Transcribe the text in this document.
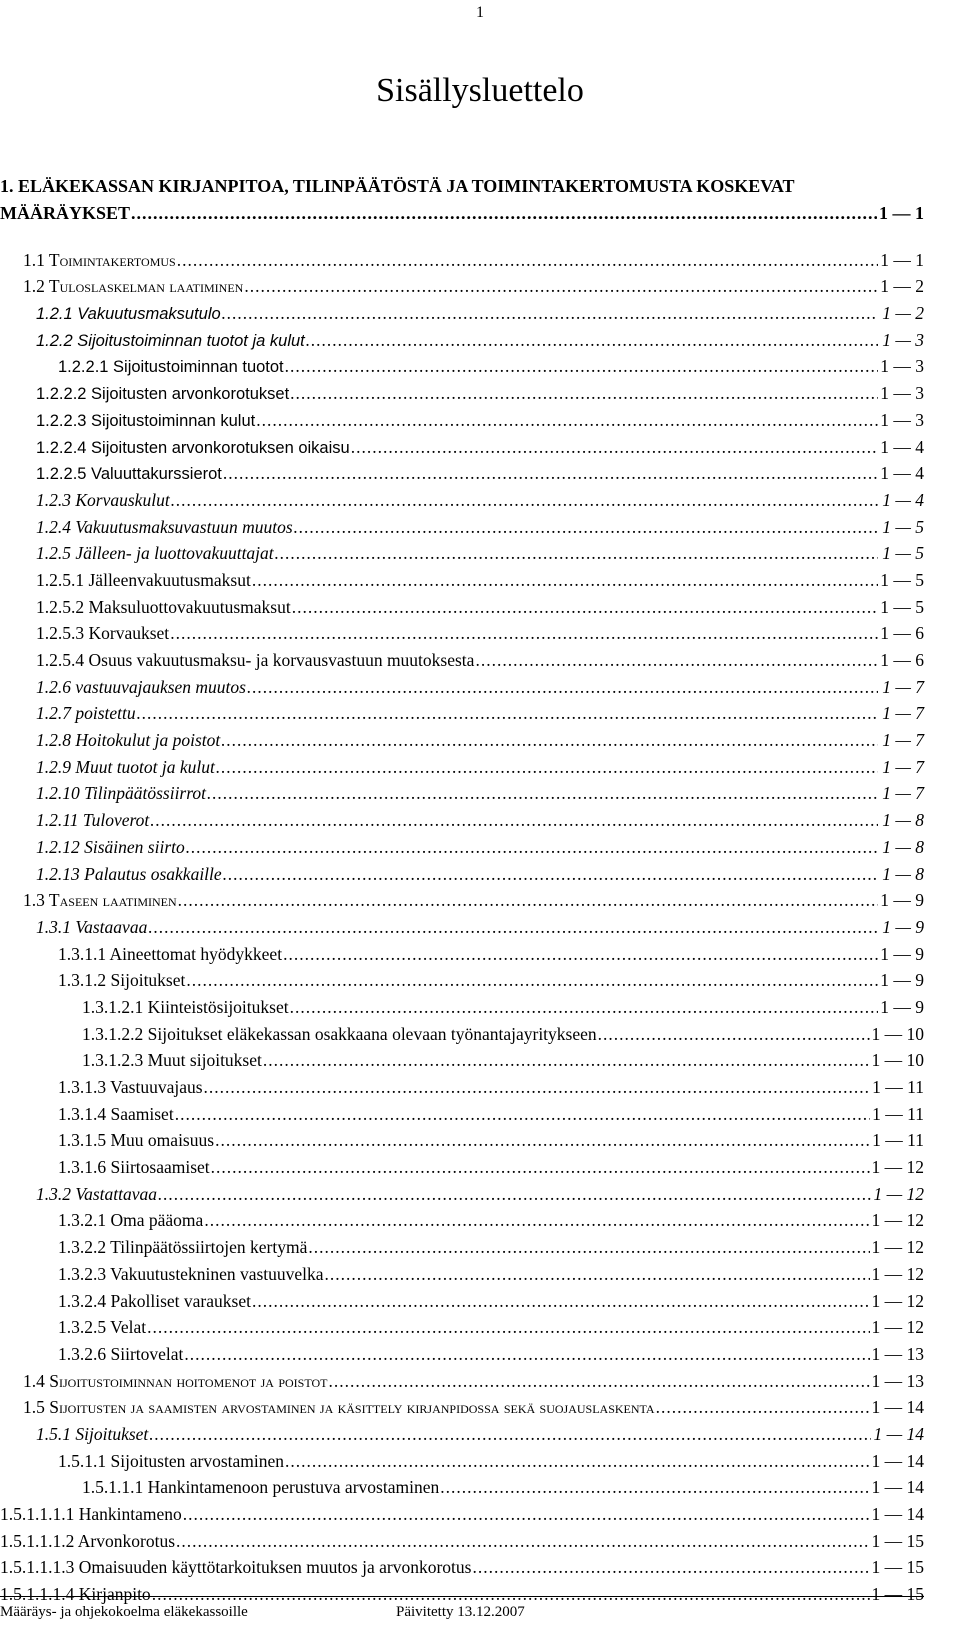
1
Sisällysluettelo
1. ELÄKEKASSAN KIRJANPITOA, TILINPÄÄTÖSTÄ JA TOIMINTAKERTOMUSTA KOSKEVAT
MÄÄRÄYKSET .....	1 — 1
1.1 Toimintakertomus .....	1 — 1
1.2 Tuloslaskelman laatiminen .....	1 — 2
1.2.1 Vakuutusmaksutulo .....	1 — 2
1.2.2 Sijoitustoiminnan tuotot ja kulut .....	1 — 3
1.2.2.1 Sijoitustoiminnan tuotot .....	1 — 3
1.2.2.2 Sijoitusten arvonkorotukset .....	1 — 3
1.2.2.3 Sijoitustoiminnan kulut .....	1 — 3
1.2.2.4 Sijoitusten arvonkorotuksen oikaisu .....	1 — 4
1.2.2.5 Valuuttakurssierot .....	1 — 4
1.2.3 Korvauskulut .....	1 — 4
1.2.4 Vakuutusmaksuvastuun muutos .....	1 — 5
1.2.5 Jälleen- ja luottovakuuttajat .....	1 — 5
1.2.5.1 Jälleenvakuutusmaksut .....	1 — 5
1.2.5.2 Maksuluottovakuutusmaksut .....	1 — 5
1.2.5.3 Korvaukset .....	1 — 6
1.2.5.4 Osuus vakuutusmaksu- ja korvausvastuun muutoksesta .....	1 — 6
1.2.6 vastuuvajauksen muutos .....	1 — 7
1.2.7 poistettu .....	1 — 7
1.2.8 Hoitokulut ja poistot .....	1 — 7
1.2.9 Muut tuotot ja kulut .....	1 — 7
1.2.10 Tilinpäätössiirrot .....	1 — 7
1.2.11 Tuloverot .....	1 — 8
1.2.12 Sisäinen siirto .....	1 — 8
1.2.13 Palautus osakkaille .....	1 — 8
1.3 Taseen laatiminen .....	1 — 9
1.3.1 Vastaavaa .....	1 — 9
1.3.1.1 Aineettomat hyödykkeet .....	1 — 9
1.3.1.2 Sijoitukset .....	1 — 9
1.3.1.2.1 Kiinteistösijoitukset .....	1 — 9
1.3.1.2.2 Sijoitukset eläkekassan osakkaana olevaan työnantajayritykseen .....	1 — 10
1.3.1.2.3 Muut sijoitukset .....	1 — 10
1.3.1.3 Vastuuvajaus .....	1 — 11
1.3.1.4 Saamiset .....	1 — 11
1.3.1.5 Muu omaisuus .....	1 — 11
1.3.1.6 Siirtosaamiset .....	1 — 12
1.3.2 Vastattavaa .....	1 — 12
1.3.2.1 Oma pääoma .....	1 — 12
1.3.2.2 Tilinpäätössiirtojen kertymä .....	1 — 12
1.3.2.3 Vakuutustekninen vastuuvelka .....	1 — 12
1.3.2.4 Pakolliset varaukset .....	1 — 12
1.3.2.5 Velat .....	1 — 12
1.3.2.6 Siirtovelat .....	1 — 13
1.4 Sijoitustoiminnan hoitomenot ja poistot .....	1 — 13
1.5 Sijoitusten ja saamisten arvostaminen ja käsittely kirjanpidossa sekä suojauslaskenta .....	1 — 14
1.5.1 Sijoitukset .....	1 — 14
1.5.1.1 Sijoitusten arvostaminen .....	1 — 14
1.5.1.1.1 Hankintamenoon perustuva arvostaminen .....	1 — 14
1.5.1.1.1.1 Hankintameno .....	1 — 14
1.5.1.1.1.2 Arvonkorotus .....	1 — 15
1.5.1.1.1.3 Omaisuuden käyttötarkoituksen muutos ja arvonkorotus .....	1 — 15
1.5.1.1.1.4 Kirjanpito .....	1 — 15
Määräys- ja ohjekokoelma eläkekassoille	Päivitetty 13.12.2007
